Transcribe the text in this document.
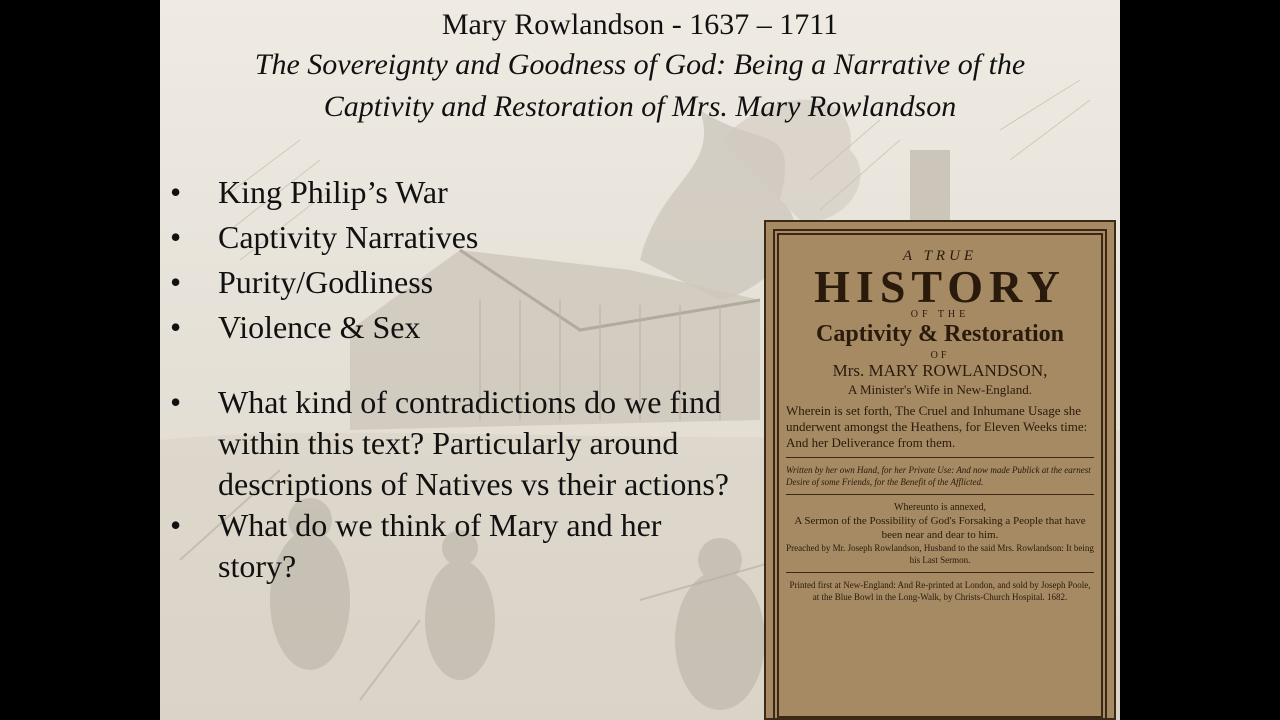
Mary Rowlandson - 1637 – 1711

The Sovereignty and Goodness of God: Being a Narrative of the

Captivity and Restoration of Mrs. Mary Rowlandson

• King Philip’s War
• Captivity Narratives
• Purity/Godliness
• Violence & Sex
• What kind of contradictions do we find
within this text? Particularly around
descriptions of Natives vs their actions?
• What do we think of Mary and her
story?

A TRUE

HISTORY

OF THE

Captivity & Restoration

OF

Mrs. MARY ROWLANDSON,

A Minister's Wife in New-England.

Wherein is set forth, The Cruel and Inhumane Usage she underwent amongst the Heathens, for Eleven Weeks time: And her Deliverance from them.

Written by her own Hand, for her Private Use: And now made Publick at the earnest Desire of some Friends, for the Benefit of the Afflicted.

Whereunto is annexed,

A Sermon of the Possibility of God's Forsaking a People that have been near and dear to him.

Preached by Mr. Joseph Rowlandson, Husband to the said Mrs. Rowlandson: It being his Last Sermon.

Printed first at New-England: And Re-printed at London, and sold by Joseph Poole, at the Blue Bowl in the Long-Walk, by Christs-Church Hospital. 1682.
